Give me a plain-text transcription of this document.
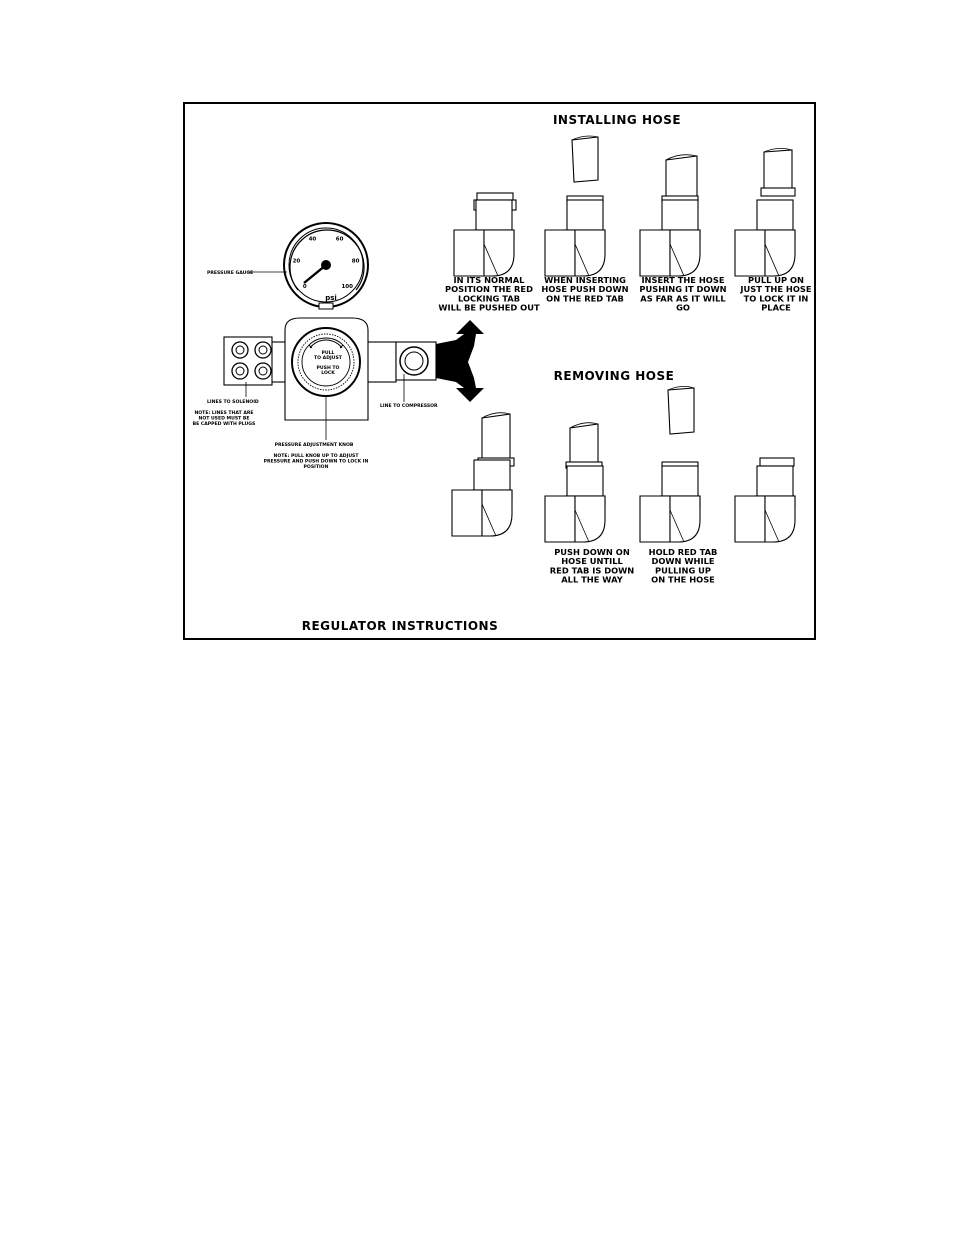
INSTALLING HOSE
REMOVING HOSE
REGULATOR INSTRUCTIONS
IN ITS NORMAL
POSITION THE RED
LOCKING TAB
WILL BE PUSHED OUT
WHEN INSERTING
HOSE PUSH DOWN
ON THE RED TAB
INSERT THE HOSE
PUSHING IT DOWN
AS FAR AS IT WILL
GO
PULL UP ON
JUST THE HOSE
TO LOCK IT IN
PLACE
PUSH DOWN ON
HOSE UNTILL
RED TAB IS DOWN
ALL THE WAY
HOLD RED TAB
DOWN WHILE
PULLING UP
ON THE HOSE
0
20
40	60
80
100
psi
PRESSURE GAUGE
PULL
TO ADJUST
PUSH TO
LOCK
LINES TO SOLENOID
NOTE: LINES THAT ARE
NOT USED MUST BE
BE CAPPED WITH PLUGS
LINE TO COMPRESSOR
PRESSURE ADJUSTMENT KNOB
NOTE: PULL KNOB UP TO ADJUST
PRESSURE AND PUSH DOWN TO LOCK IN
POSITION
